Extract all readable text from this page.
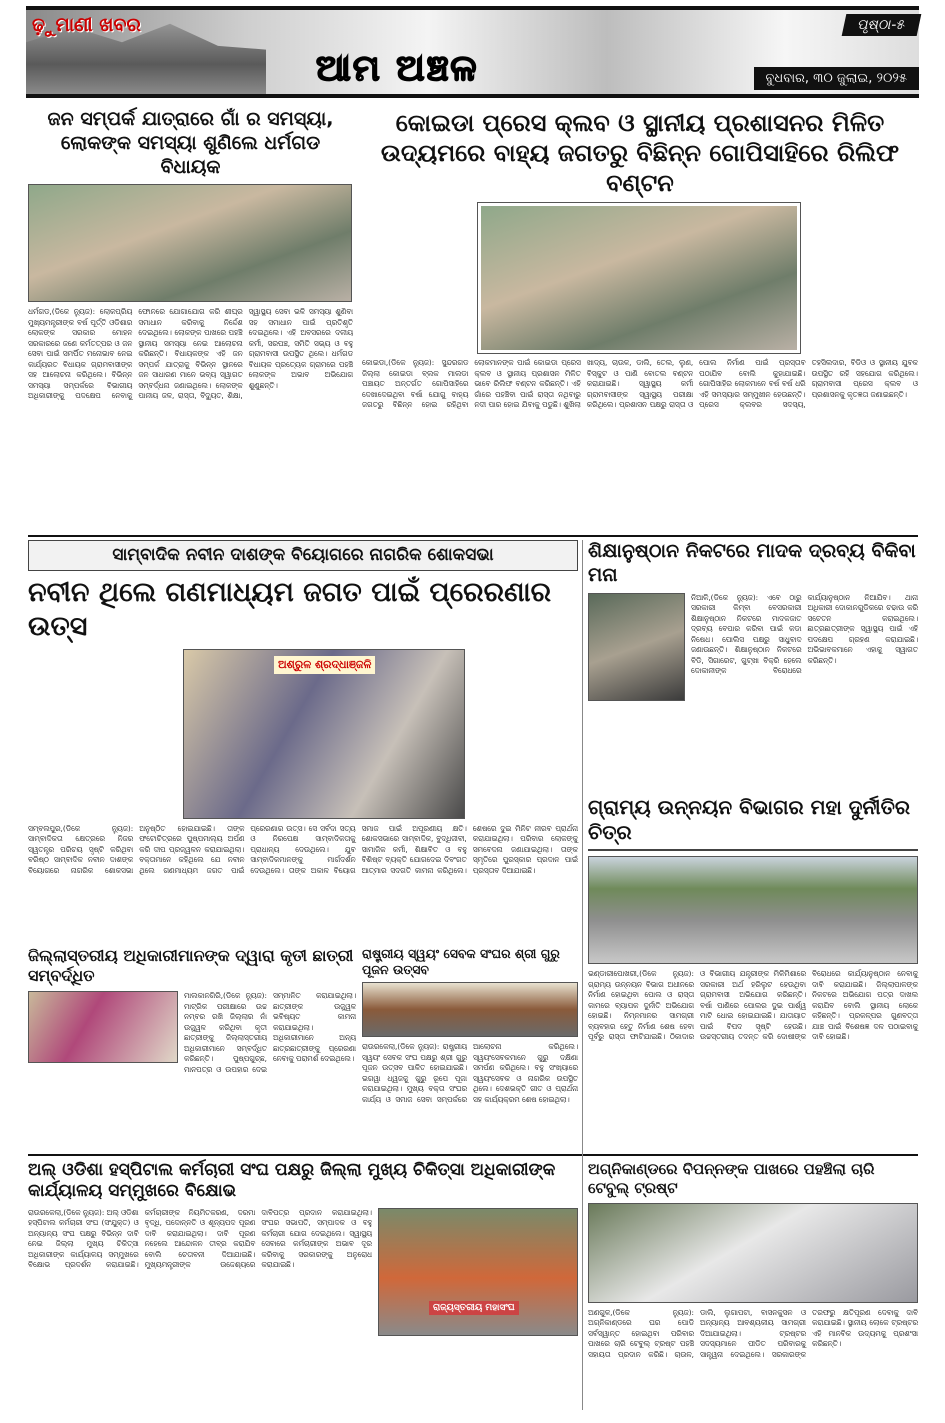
ଢ଼ୁମାଣୀ ଖବର
ଆମ ଅଞ୍ଚଳ
ପୃଷ୍ଠା-୫
ବୁଧବାର, ୩୦ ଜୁଲାଇ, ୨୦୨୫
ଜନ ସମ୍ପର୍କ ଯାତ୍ରାରେ ଗାଁ ର ସମସ୍ୟା, ଲୋକଙ୍କ ସମସ୍ୟା ଶୁଣିଲେ ଧର୍ମଗଡ ବିଧାୟକ
ଧର୍ମଗଡ,(ଡିକେ ନ୍ୟୁଜ): ଲୋକପ୍ରିୟ ମୁଖ୍ୟମନ୍ତ୍ରୀଙ୍କ ବର୍ଷ ପୂର୍ତ୍ତି ଓଡିଶାର ଲୋକଙ୍କ ସରକାର ମୋହନ ସରକାରରେ ଜଣେ କର୍ମତତ୍ପର ଓ ଜନ ସେବା ପାଇଁ ସମର୍ପିତ ମନୋଭାବ ନେଇ କାର୍ଯ୍ୟରତ ବିଧାୟକ ଗ୍ରାମବାସୀଙ୍କ ସହ ଆଲୋଚନା କରିଥିଲେ। ବିଭିନ୍ନ ସମସ୍ୟା ସମ୍ପର୍କରେ ବିଭାଗୀୟ ଅଧିକାରୀଙ୍କୁ ପଦକ୍ଷେପ ନେବାକୁ ଫୋନରେ ଯୋଗାଯୋଗ କରି ଶୀଘ୍ର ସମାଧାନ କରିବାକୁ ନିର୍ଦ୍ଦେଶ ଦେଇଥିଲେ। ଲୋକଙ୍କ ପାଖରେ ପହଞ୍ଚି ସ୍ଥାନୀୟ ସମସ୍ୟା ନେଇ ଆଲୋଚନା କରିଛନ୍ତି। ବିଧାୟକଙ୍କ ଏହି ଜନ ସମ୍ପର୍କ ଯାତ୍ରାକୁ ବିଭିନ୍ନ ସ୍ଥାନରେ ଜନ ସାଧାରଣ ମାନେ ଭବ୍ୟ ସ୍ୱାଗତ ସମ୍ବର୍ଦ୍ଧନା ଜଣାଇଥିଲେ। ଲୋକଙ୍କ ପାନୀୟ ଜଳ, ରାସ୍ତା, ବିଦ୍ୟୁତ, ଶିକ୍ଷା, ସ୍ୱାସ୍ଥ୍ୟ ସେବା ଭଳି ସମସ୍ୟା ଶୁଣିବା ସହ ସମାଧାନ ପାଇଁ ପ୍ରତିଶୃତି ଦେଇଥିଲେ। ଏହି ଅବସରରେ ଦଳୀୟ କର୍ମୀ, ସରପଞ୍ଚ, ସମିତି ସଭ୍ୟ ଓ ବହୁ ଗ୍ରାମବାସୀ ଉପସ୍ଥିତ ଥିଲେ। ଧର୍ମଗଡ ବିଧାୟକ ପ୍ରତ୍ୟେକ ଗ୍ରାମରେ ପହଞ୍ଚି ଲୋକଙ୍କ ଅଭାବ ଅଭିଯୋଗ ଶୁଣୁଛନ୍ତି।
କୋଇଡା ପ୍ରେସ କ୍ଲବ ଓ ସ୍ଥାନୀୟ ପ୍ରଶାସନର ମିଳିତ ଉଦ୍ୟମରେ ବାହ୍ୟ ଜଗତରୁ ବିଛିନ୍ନ ଗୋପିସାହିରେ ରିଲିଫ ବଣ୍ଟନ
କୋଇଡା,(ଡିକେ ନ୍ୟୁଜ): ସୁନ୍ଦରଗଡ ଜିଲ୍ଲା କୋଇଡା ବ୍ଲକ ମାଲଡା ପଞ୍ଚାୟତ ଅନ୍ତର୍ଗତ ଗୋପିସାହିରେ ଦେଖାଦେଇଥିବା ବର୍ଷା ଯୋଗୁ ବାହ୍ୟ ଜଗତରୁ ବିଛିନ୍ନ ହୋଇ ରହିଥିବା ଲୋକମାନଙ୍କ ପାଇଁ କୋଇଡା ପ୍ରେସ କ୍ଲବ ଓ ସ୍ଥାନୀୟ ପ୍ରଶାସନ ମିଳିତ ଭାବେ ରିଲିଫ ବଣ୍ଟନ କରିଛନ୍ତି। ଏହି ଗାଁରେ ପହଞ୍ଚିବା ପାଇଁ ରାସ୍ତା ନଥିବାରୁ ନଦୀ ପାର ହୋଇ ଯିବାକୁ ପଡୁଛି। ଶୁଖିଲା ଖାଦ୍ୟ, ଚାଉଳ, ଡାଲି, ତେଲ, ଲୁଣ, ବିସ୍କୁଟ ଓ ପାଣି ବୋତଲ ବଣ୍ଟନ କରାଯାଇଛି। ସ୍ୱାସ୍ଥ୍ୟ କର୍ମୀ ଗ୍ରାମବାସୀଙ୍କ ସ୍ୱାସ୍ଥ୍ୟ ପରୀକ୍ଷା କରିଥିଲେ। ପ୍ରଶାସନ ପକ୍ଷରୁ ରାସ୍ତା ଓ ପୋଲ ନିର୍ମାଣ ପାଇଁ ପ୍ରସ୍ତାବ ପଠାଯିବ ବୋଲି କୁହାଯାଇଛି। ଗୋପିସାହିର ଲୋକମାନେ ବର୍ଷ ବର୍ଷ ଧରି ଏହି ସମସ୍ୟାର ସମ୍ମୁଖୀନ ହେଉଛନ୍ତି। ପ୍ରେସ କ୍ଲବର ସଦସ୍ୟ, ତହସିଲଦାର, ବିଡିଓ ଓ ସ୍ଥାନୀୟ ଯୁବକ ଉପସ୍ଥିତ ରହି ସହଯୋଗ କରିଥିଲେ। ଗ୍ରାମବାସୀ ପ୍ରେସ କ୍ଲବ ଓ ପ୍ରଶାସନକୁ କୃତଜ୍ଞତା ଜଣାଇଛନ୍ତି।
ସାମ୍ବାଦିକ ନବୀନ ଦାଶଙ୍କ ବିୟୋଗରେ ନାଗରିକ ଶୋକସଭା
ନବୀନ ଥିଲେ ଗଣମାଧ୍ୟମ ଜଗତ ପାଇଁ ପ୍ରେରଣାର ଉତ୍ସ
ଅଶ୍ରୁଳ ଶ୍ରଦ୍ଧାଞ୍ଜଳି
ସମ୍ବଲପୁର,(ଡିକେ ନ୍ୟୁଜ): ସାମ୍ବାଦିକତା କ୍ଷେତ୍ରରେ ନିଜର ସ୍ୱତନ୍ତ୍ର ପରିଚୟ ସୃଷ୍ଟି କରିଥିବା ବରିଷ୍ଠ ସାମ୍ବାଦିକ ନବୀନ ଦାଶଙ୍କ ବିୟୋଗରେ ନାଗରିକ ଶୋକସଭା ଅନୁଷ୍ଠିତ ହୋଇଯାଇଛି। ତାଙ୍କ ଫଟୋଚିତ୍ରରେ ପୁଷ୍ପମାଲ୍ୟ ଅର୍ପଣ କରି ଦୀପ ପ୍ରଜ୍ୱଳନ କରାଯାଇଥିଲା। ବକ୍ତାମାନେ କହିଥିଲେ ଯେ ନବୀନ ଥିଲେ ଗଣମାଧ୍ୟମ ଜଗତ ପାଇଁ ପ୍ରେରଣାର ଉତ୍ସ। ସେ ସର୍ବଦା ସତ୍ୟ ଓ ନିରପେକ୍ଷ ସାମ୍ବାଦିକତାକୁ ପ୍ରାଧାନ୍ୟ ଦେଉଥିଲେ। ଯୁବ ସାମ୍ବାଦିକମାନଙ୍କୁ ମାର୍ଗଦର୍ଶନ ଦେଉଥିଲେ। ତାଙ୍କ ଅକାଳ ବିୟୋଗ ସମାଜ ପାଇଁ ଅପୂରଣୀୟ କ୍ଷତି। ଶୋକସଭାରେ ସାମ୍ବାଦିକ, ବୁଦ୍ଧିଜୀବୀ, ସାମାଜିକ କର୍ମୀ, ଶିକ୍ଷାବିତ ଓ ବହୁ ବିଶିଷ୍ଟ ବ୍ୟକ୍ତି ଯୋଗଦେଇ ଦିବଂଗତ ଆତ୍ମାର ସଦଗତି କାମନା କରିଥିଲେ। ଶେଷରେ ଦୁଇ ମିନିଟ ନୀରବ ପ୍ରାର୍ଥନା କରାଯାଇଥିଲା। ପରିବାର ଲୋକଙ୍କୁ ସମବେଦନା ଜଣାଯାଇଥିଲା। ତାଙ୍କ ସ୍ମୃତିରେ ପୁରସ୍କାର ପ୍ରଦାନ ପାଇଁ ପ୍ରସ୍ତାବ ଦିଆଯାଇଛି।
ଶିକ୍ଷାନୁଷ୍ଠାନ ନିକଟରେ ମାଦକ ଦ୍ରବ୍ୟ ବିକିବା ମନା
ନିଆଳି,(ଡିକେ ନ୍ୟୁଜ): ଏବେ ଠାରୁ ସରକାରୀ କିମ୍ବା ବେସରକାରୀ ଶିକ୍ଷାନୁଷ୍ଠାନ ନିକଟରେ ମାଦକଜାତ ଦ୍ରବ୍ୟ ବେପାର କରିବା ପାଇଁ କଡା ନିଷେଧ। ପୋଲିସ ପକ୍ଷରୁ ସାଧୁବାଦ ଜଣାଉଛନ୍ତି। ଶିକ୍ଷାନୁଷ୍ଠାନ ନିକଟରେ ବିଡି, ସିଗାରେଟ, ଗୁଟ୍ଖା ବିକ୍ରି ହେଲେ ଦୋକାନୀଙ୍କ ବିରୋଧରେ କାର୍ଯ୍ୟାନୁଷ୍ଠାନ ନିଆଯିବ। ଥାନା ଅଧିକାରୀ ଦୋକାନଗୁଡିକରେ ଚଢାଉ କରି ସଚେତନ କରାଇଥିଲେ। ଛାତ୍ରଛାତ୍ରୀଙ୍କ ସ୍ୱାସ୍ଥ୍ୟ ପାଇଁ ଏହି ପଦକ୍ଷେପ ଗ୍ରହଣ କରାଯାଇଛି। ଅଭିଭାବକମାନେ ଏହାକୁ ସ୍ୱାଗତ କରିଛନ୍ତି।
ଗ୍ରାମ୍ୟ ଉନ୍ନୟନ ବିଭାଗର ମହା ଦୁର୍ନୀତିର ଚିତ୍ର
ଭଣ୍ଡାରୀପୋଖରୀ,(ଡିକେ ନ୍ୟୁଜ): ଗ୍ରାମ୍ୟ ଉନ୍ନୟନ ବିଭାଗ ଅଧୀନରେ ନିର୍ମାଣ ହୋଇଥିବା ପୋଲ ଓ ରାସ୍ତା କାମରେ ବ୍ୟାପକ ଦୁର୍ନୀତି ଅଭିଯୋଗ ହୋଇଛି। ନିମ୍ନମାନର ସାମଗ୍ରୀ ବ୍ୟବହାର ହେତୁ ନିର୍ମାଣ ଶେଷ ହେବା ପୂର୍ବରୁ ରାସ୍ତା ଫାଟିଯାଇଛି। ଠିକାଦାର ଓ ବିଭାଗୀୟ ଯନ୍ତ୍ରୀଙ୍କ ମିଳିମିଶାରେ ସରକାରୀ ଅର୍ଥ ହରିଲୁଟ ହେଉଥିବା ଗ୍ରାମବାସୀ ଅଭିଯୋଗ କରିଛନ୍ତି। ବର୍ଷା ପାଣିରେ ପୋଲର ଦୁଇ ପାର୍ଶ୍ୱ ମାଟି ଧୋଇ ହୋଇଯାଇଛି। ଯାତାୟାତ ପାଇଁ ବିପଦ ସୃଷ୍ଟି ହେଉଛି। ଉଚ୍ଚସ୍ତରୀୟ ତଦନ୍ତ କରି ଦୋଷୀଙ୍କ ବିରୋଧରେ କାର୍ଯ୍ୟାନୁଷ୍ଠାନ ନେବାକୁ ଦାବି କରାଯାଇଛି। ଜିଲ୍ଲାପାଳଙ୍କ ନିକଟରେ ଅଭିଯୋଗ ପତ୍ର ଦାଖଲ କରାଯିବ ବୋଲି ସ୍ଥାନୀୟ ଲୋକେ କହିଛନ୍ତି। ପ୍ରକଳ୍ପର ଗୁଣବତ୍ତା ଯାଞ୍ଚ ପାଇଁ ବିଶେଷଜ୍ଞ ଦଳ ପଠାଇବାକୁ ଦାବି ହୋଇଛି।
ଜିଲ୍ଲାସ୍ତରୀୟ ଅଧିକାରୀମାନଙ୍କ ଦ୍ୱାରା କୃତୀ ଛାତ୍ରୀ ସମ୍ବର୍ଦ୍ଧିତ
ମାଲକାନଗିରି,(ଡିକେ ନ୍ୟୁଜ): ମାଟ୍ରିକ ପରୀକ୍ଷାରେ ଉଚ୍ଚ ନମ୍ବର ରଖି ଜିଲ୍ଲାର ନାଁ ଉଜ୍ଜ୍ୱଳ କରିଥିବା କୃତୀ ଛାତ୍ରୀଙ୍କୁ ଜିଲ୍ଲାସ୍ତରୀୟ ଅଧିକାରୀମାନେ ସମ୍ବର୍ଦ୍ଧିତ କରିଛନ୍ତି। ପୁଷ୍ପଗୁଚ୍ଛ, ମାନପତ୍ର ଓ ଉପହାର ଦେଇ ସମ୍ମାନିତ କରାଯାଇଥିଲା। ଛାତ୍ରୀଙ୍କ ଉଜ୍ଜ୍ୱଳ ଭବିଷ୍ୟତ କାମନା କରାଯାଇଥିଲା। ଅଧିକାରୀମାନେ ଅନ୍ୟ ଛାତ୍ରଛାତ୍ରୀଙ୍କୁ ପ୍ରେରଣା ନେବାକୁ ପରାମର୍ଶ ଦେଇଥିଲେ।
ରାଷ୍ଟ୍ରୀୟ ସ୍ୱୟଂ ସେବକ ସଂଘର ଶ୍ରୀ ଗୁରୁ ପୂଜନ ଉତ୍ସବ
ରାଉରକେଲା,(ଡିକେ ନ୍ୟୁଜ): ରାଷ୍ଟ୍ରୀୟ ସ୍ୱୟଂ ସେବକ ସଂଘ ପକ୍ଷରୁ ଶ୍ରୀ ଗୁରୁ ପୂଜନ ଉତ୍ସବ ପାଳିତ ହୋଇଯାଇଛି। ଭଗୱା ଧ୍ୱଜକୁ ଗୁରୁ ରୂପେ ପୂଜା କରାଯାଇଥିଲା। ମୁଖ୍ୟ ବକ୍ତା ସଂଘର କାର୍ଯ୍ୟ ଓ ସମାଜ ସେବା ସମ୍ପର୍କରେ ଆଲୋଚନା କରିଥିଲେ। ସ୍ୱୟଂସେବକମାନେ ଗୁରୁ ଦକ୍ଷିଣା ସମର୍ପଣ କରିଥିଲେ। ବହୁ ସଂଖ୍ୟାରେ ସ୍ୱୟଂସେବକ ଓ ନାଗରିକ ଉପସ୍ଥିତ ଥିଲେ। ଦେଶଭକ୍ତି ଗୀତ ଓ ପ୍ରାର୍ଥନା ସହ କାର୍ଯ୍ୟକ୍ରମ ଶେଷ ହୋଇଥିଲା।
ଅଲ୍ ଓଡିଶା ହସ୍ପିଟାଲ କର୍ମଚାରୀ ସଂଘ ପକ୍ଷରୁ ଜିଲ୍ଲା ମୁଖ୍ୟ ଚିକିତ୍ସା ଅଧିକାରୀଙ୍କ କାର୍ଯ୍ୟାଳୟ ସମ୍ମୁଖରେ ବିକ୍ଷୋଭ
ରାଉରକେଲା,(ଡିକେ ନ୍ୟୁଜ): ଅଲ୍ ଓଡିଶା ହସ୍ପିଟାଲ କର୍ମଚାରୀ ସଂଘ (ସଂଯୁକ୍ତ) ଓ ଅନ୍ୟାନ୍ୟ ସଂଘ ପକ୍ଷରୁ ବିଭିନ୍ନ ଦାବି ନେଇ ଜିଲ୍ଲା ମୁଖ୍ୟ ଚିକିତ୍ସା ଅଧିକାରୀଙ୍କ କାର୍ଯ୍ୟାଳୟ ସମ୍ମୁଖରେ ବିକ୍ଷୋଭ ପ୍ରଦର୍ଶନ କରାଯାଇଛି। କର୍ମଚାରୀଙ୍କ ନିୟମିତକରଣ, ଦରମା ବୃଦ୍ଧି, ପଦୋନ୍ନତି ଓ ଶୂନ୍ୟପଦ ପୂରଣ ଦାବି କରାଯାଇଥିଲା। ଦାବି ପୂରଣ ନହେଲେ ଆନ୍ଦୋଳନ ତୀବ୍ର କରାଯିବ ବୋଲି ଚେତାବନୀ ଦିଆଯାଇଛି। ମୁଖ୍ୟମନ୍ତ୍ରୀଙ୍କ ଉଦ୍ଦେଶ୍ୟରେ ଦାବିପତ୍ର ପ୍ରଦାନ କରାଯାଇଥିଲା। ସଂଘର ସଭାପତି, ସମ୍ପାଦକ ଓ ବହୁ କର୍ମଚାରୀ ଯୋଗ ଦେଇଥିଲେ। ସ୍ୱାସ୍ଥ୍ୟ ସେବାରେ କର୍ମଚାରୀଙ୍କ ଅଭାବ ଦୂର କରିବାକୁ ସରକାରଙ୍କୁ ଅନୁରୋଧ କରାଯାଇଛି।
ରାଜ୍ୟସ୍ତରୀୟ ମହାସଂଘ
ଅଗ୍ନିକାଣ୍ଡରେ ବିପନ୍ନଙ୍କ ପାଖରେ ପହଞ୍ଚିଲା ଚାରି ଟେବୁଲ୍ ଟ୍ରଷ୍ଟ
ଅଣଗୁଳ,(ଡିକେ ନ୍ୟୁଜ): ଅଗ୍ନିକାଣ୍ଡରେ ଘର ପୋଡି ସର୍ବସ୍ୱାନ୍ତ ହୋଇଥିବା ପରିବାର ପାଖରେ ଚାରି ଟେବୁଲ୍ ଟ୍ରଷ୍ଟ ପହଞ୍ଚି ସହାୟତା ପ୍ରଦାନ କରିଛି। ଚାଉଳ, ଡାଲି, ଲୁଗାପଟା, ବାସନକୁସନ ଓ ଅନ୍ୟାନ୍ୟ ଆବଶ୍ୟକୀୟ ସାମଗ୍ରୀ ଦିଆଯାଇଥିଲା। ଟ୍ରଷ୍ଟର ସଦସ୍ୟମାନେ ପୀଡିତ ପରିବାରକୁ ସାନ୍ତ୍ୱନା ଦେଇଥିଲେ। ସରକାରଙ୍କ ତରଫରୁ କ୍ଷତିପୂରଣ ଦେବାକୁ ଦାବି କରାଯାଇଛି। ସ୍ଥାନୀୟ ଲୋକେ ଟ୍ରଷ୍ଟର ଏହି ମାନବିକ ଉଦ୍ୟମକୁ ପ୍ରଶଂସା କରିଛନ୍ତି।
